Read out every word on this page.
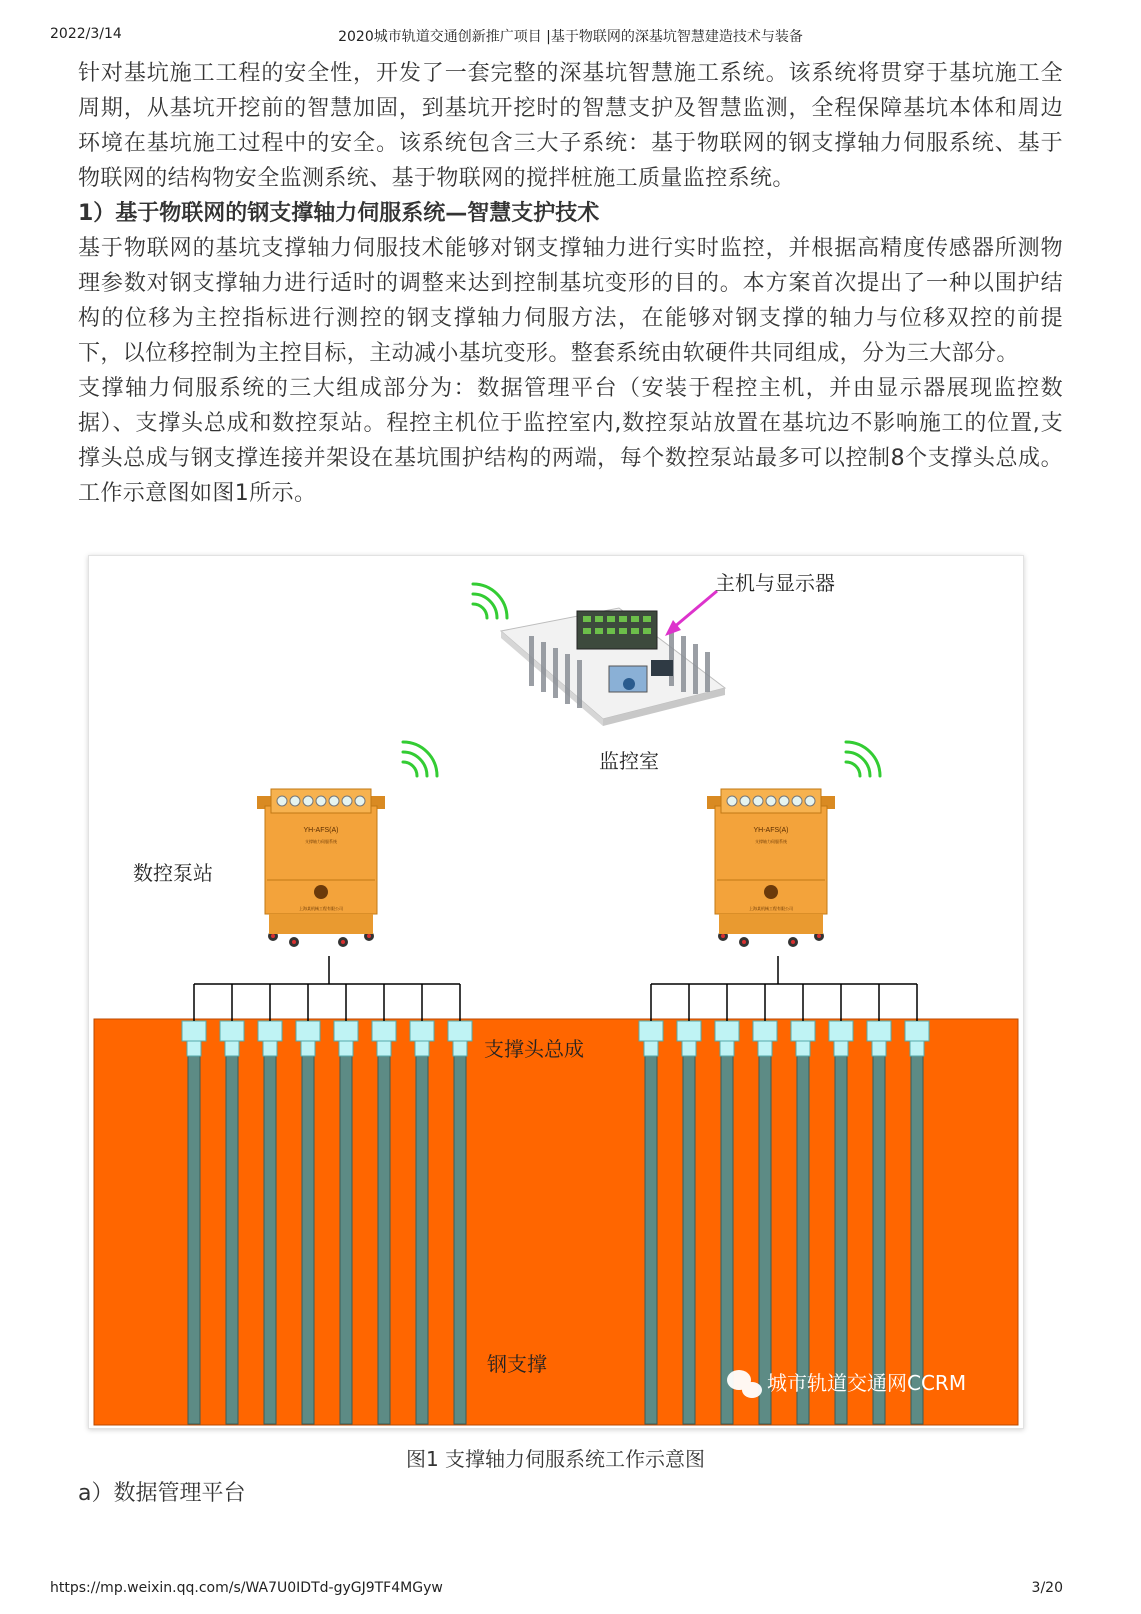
2022/3/14	2020城市轨道交通创新推广项目 |基于物联网的深基坑智慧建造技术与装备

针对基坑施工工程的安全性，开发了一套完整的深基坑智慧施工系统。该系统将贯穿于基坑施工全周期，从基坑开挖前的智慧加固，到基坑开挖时的智慧支护及智慧监测，全程保障基坑本体和周边环境在基坑施工过程中的安全。该系统包含三大子系统：基于物联网的钢支撑轴力伺服系统、基于物联网的结构物安全监测系统、基于物联网的搅拌桩施工质量监控系统。

1）基于物联网的钢支撑轴力伺服系统—智慧支护技术

基于物联网的基坑支撑轴力伺服技术能够对钢支撑轴力进行实时监控，并根据高精度传感器所测物理参数对钢支撑轴力进行适时的调整来达到控制基坑变形的目的。本方案首次提出了一种以围护结构的位移为主控指标进行测控的钢支撑轴力伺服方法，在能够对钢支撑的轴力与位移双控的前提下，以位移控制为主控目标，主动减小基坑变形。整套系统由软硬件共同组成，分为三大部分。

支撑轴力伺服系统的三大组成部分为：数据管理平台（安装于程控主机，并由显示器展现监控数据）、支撑头总成和数控泵站。程控主机位于监控室内,数控泵站放置在基坑边不影响施工的位置,支撑头总成与钢支撑连接并架设在基坑围护结构的两端，每个数控泵站最多可以控制8个支撑头总成。工作示意图如图1所示。

YH-AFS(A)
支撑轴力伺服系统
上海某机械工程有限公司
YH-AFS(A)
支撑轴力伺服系统
上海某机械工程有限公司
主机与显示器
监控室
数控泵站
支撑头总成
钢支撑
城市轨道交通网CCRM
图1 支撑轴力伺服系统工作示意图
a）数据管理平台
https://mp.weixin.qq.com/s/WA7U0IDTd-gyGJ9TF4MGyw	3/20
